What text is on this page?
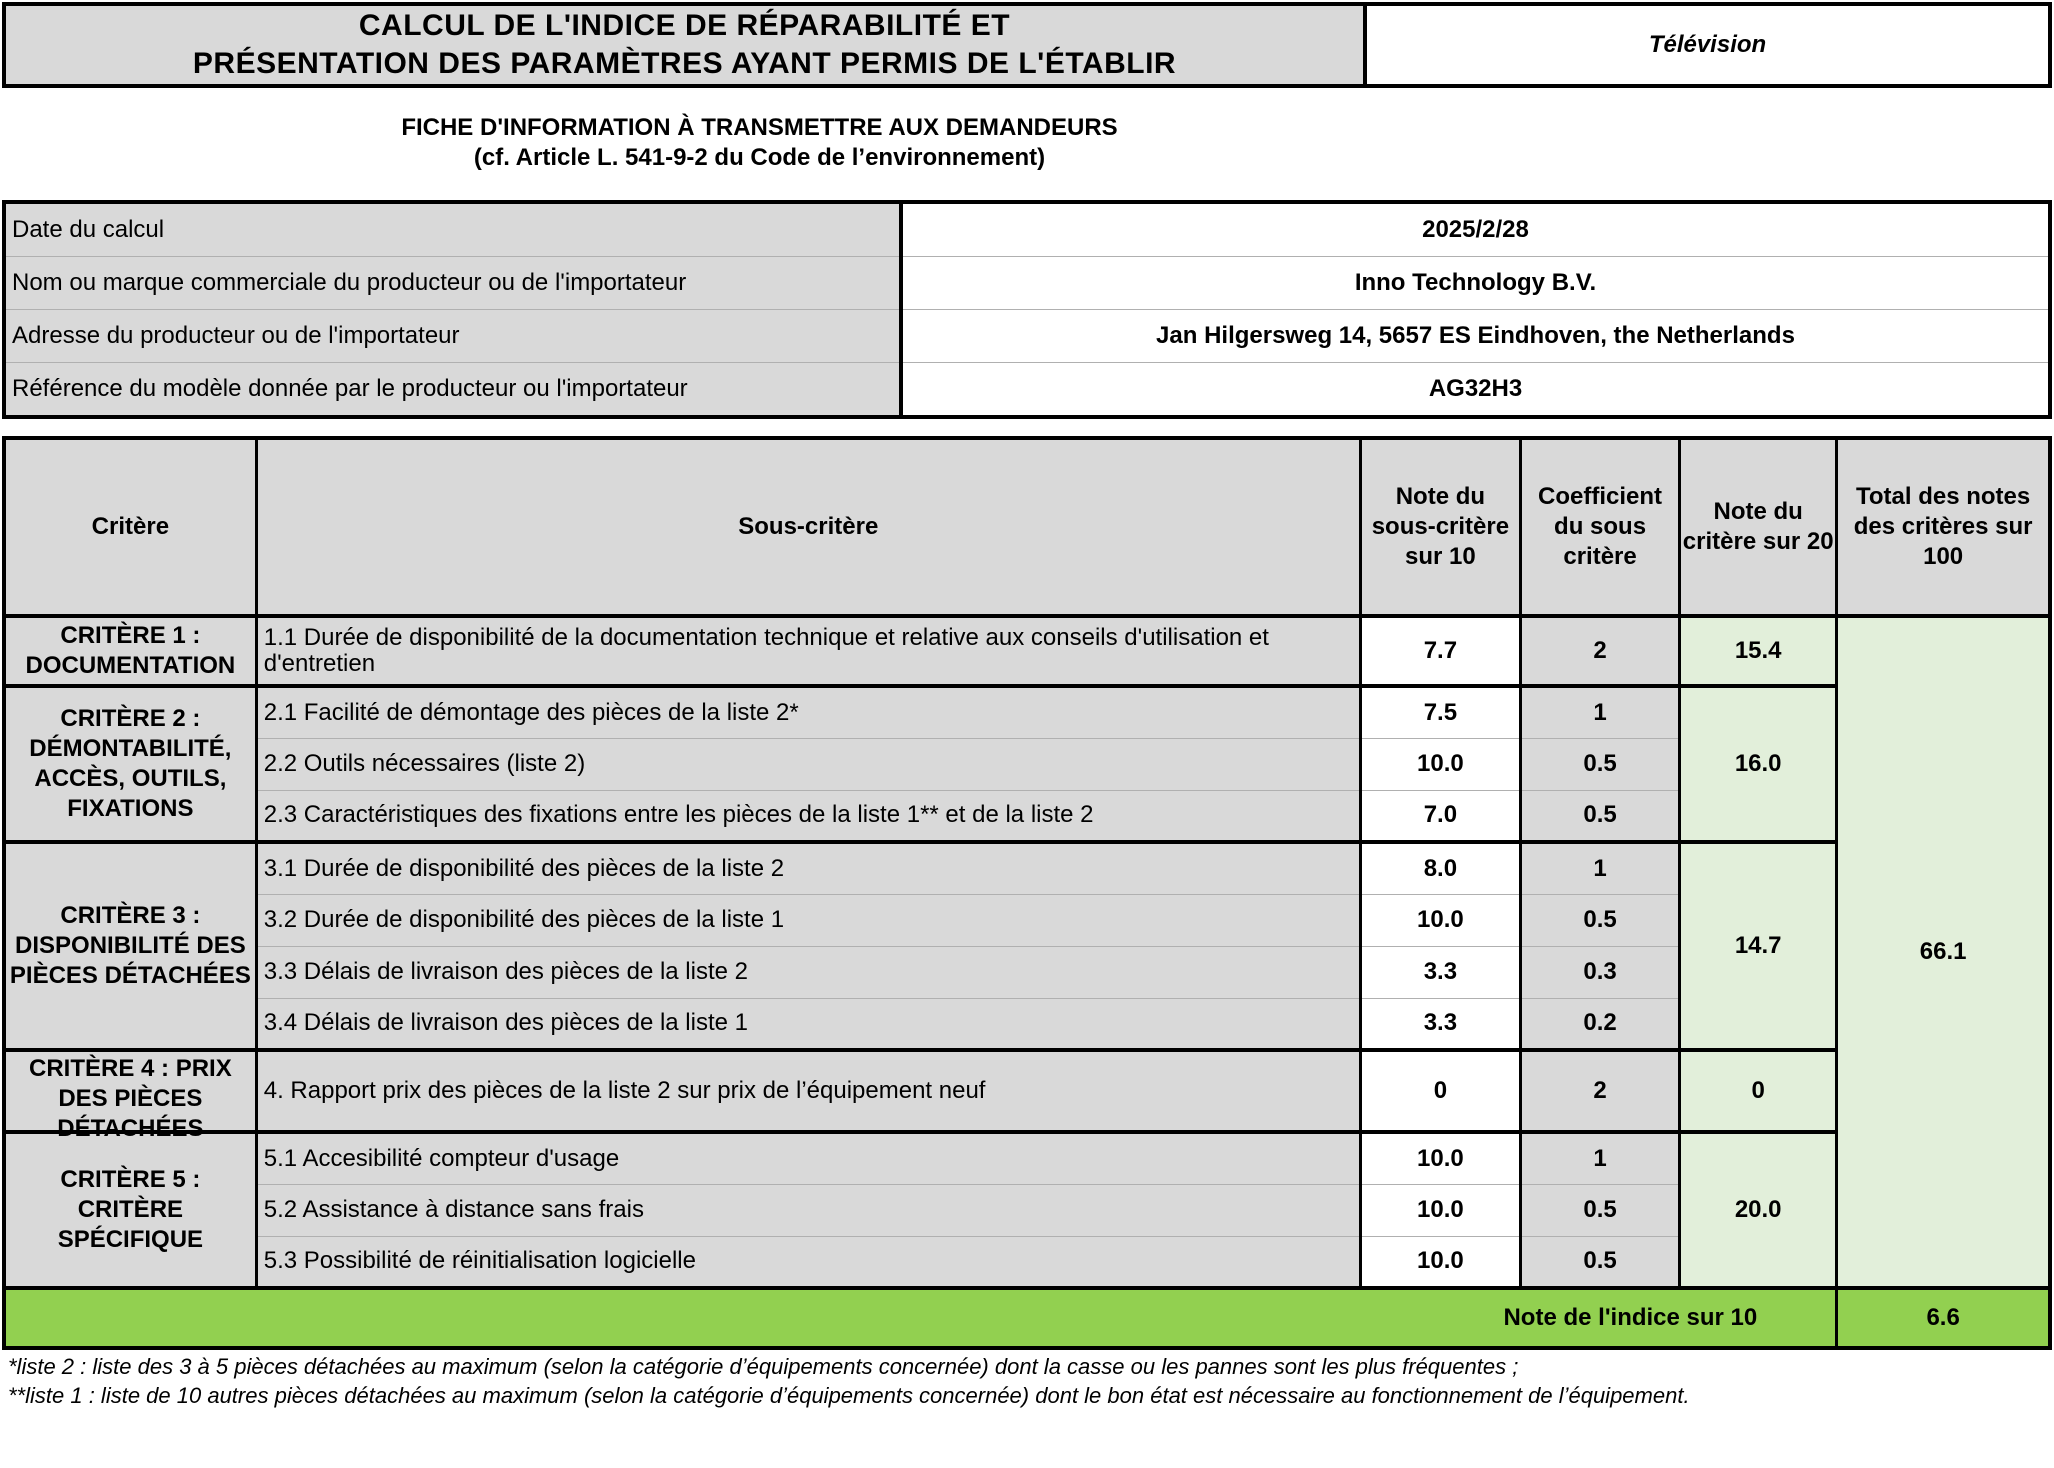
CALCUL DE L'INDICE DE RÉPARABILITÉ ET
PRÉSENTATION DES PARAMÈTRES AYANT PERMIS DE L'ÉTABLIR
	Télévision
FICHE D'INFORMATION À TRANSMETTRE AUX DEMANDEURS
(cf. Article L. 541-9-2 du Code de l’environnement)
Date du calcul	2025/2/28
Nom ou marque commerciale du producteur ou de l'importateur	Inno Technology B.V.
Adresse du producteur ou de l'importateur	Jan Hilgersweg 14, 5657 ES Eindhoven, the Netherlands
Référence du modèle donnée par le producteur ou l'importateur	AG32H3
Critère	Sous-critère	Note du sous-critère sur 10	Coefficient du sous critère	Note du critère sur 20	Total des notes des critères sur 100
CRITÈRE 1 : DOCUMENTATION	1.1 Durée de disponibilité de la documentation technique et relative aux conseils d'utilisation et d'entretien	7.7	2	15.4	66.1
CRITÈRE 2 : DÉMONTABILITÉ, ACCÈS, OUTILS, FIXATIONS	2.1 Facilité de démontage des pièces de la liste 2*	7.5	1	16.0	
	2.2 Outils nécessaires (liste 2)	10.0	0.5		
	2.3 Caractéristiques des fixations entre les pièces de la liste 1** et de la liste 2	7.0	0.5		
CRITÈRE 3 : DISPONIBILITÉ DES PIÈCES DÉTACHÉES	3.1 Durée de disponibilité des pièces de la liste 2	8.0	1	14.7	
	3.2 Durée de disponibilité des pièces de la liste 1	10.0	0.5		
	3.3 Délais de livraison des pièces de la liste 2	3.3	0.3		
	3.4 Délais de livraison des pièces de la liste 1	3.3	0.2		

CRITÈRE 4 : PRIX DES PIÈCES DÉTACHÉES	4. Rapport prix des pièces de la liste 2 sur prix de l’équipement neuf	0	2	0	
CRITÈRE 5 : CRITÈRE SPÉCIFIQUE	5.1 Accesibilité compteur d'usage	10.0	1	20.0	
	5.2 Assistance à distance sans frais	10.0	0.5		
	5.3 Possibilité de réinitialisation logicielle	10.0	0.5		
Note de l'indice sur 10					6.6
*liste 2 : liste des 3 à 5 pièces détachées au maximum (selon la catégorie d’équipements concernée) dont la casse ou les pannes sont les plus fréquentes ;
**liste 1 : liste de 10 autres pièces détachées au maximum (selon la catégorie d’équipements concernée) dont le bon état est nécessaire au fonctionnement de l’équipement.
